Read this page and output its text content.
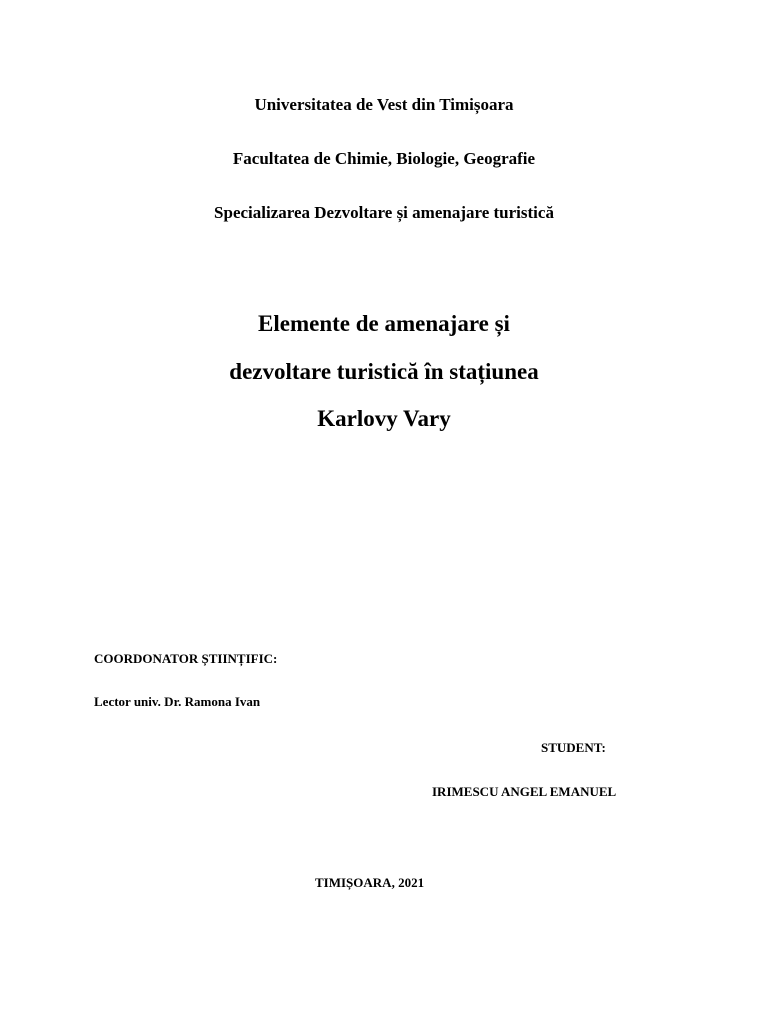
Universitatea de Vest din Timișoara
Facultatea de Chimie, Biologie, Geografie
Specializarea Dezvoltare și amenajare turistică
Elemente de amenajare și
dezvoltare turistică în stațiunea
Karlovy Vary
COORDONATOR ȘTIINȚIFIC:
Lector univ. Dr. Ramona Ivan
STUDENT:
IRIMESCU ANGEL EMANUEL
TIMIȘOARA, 2021
